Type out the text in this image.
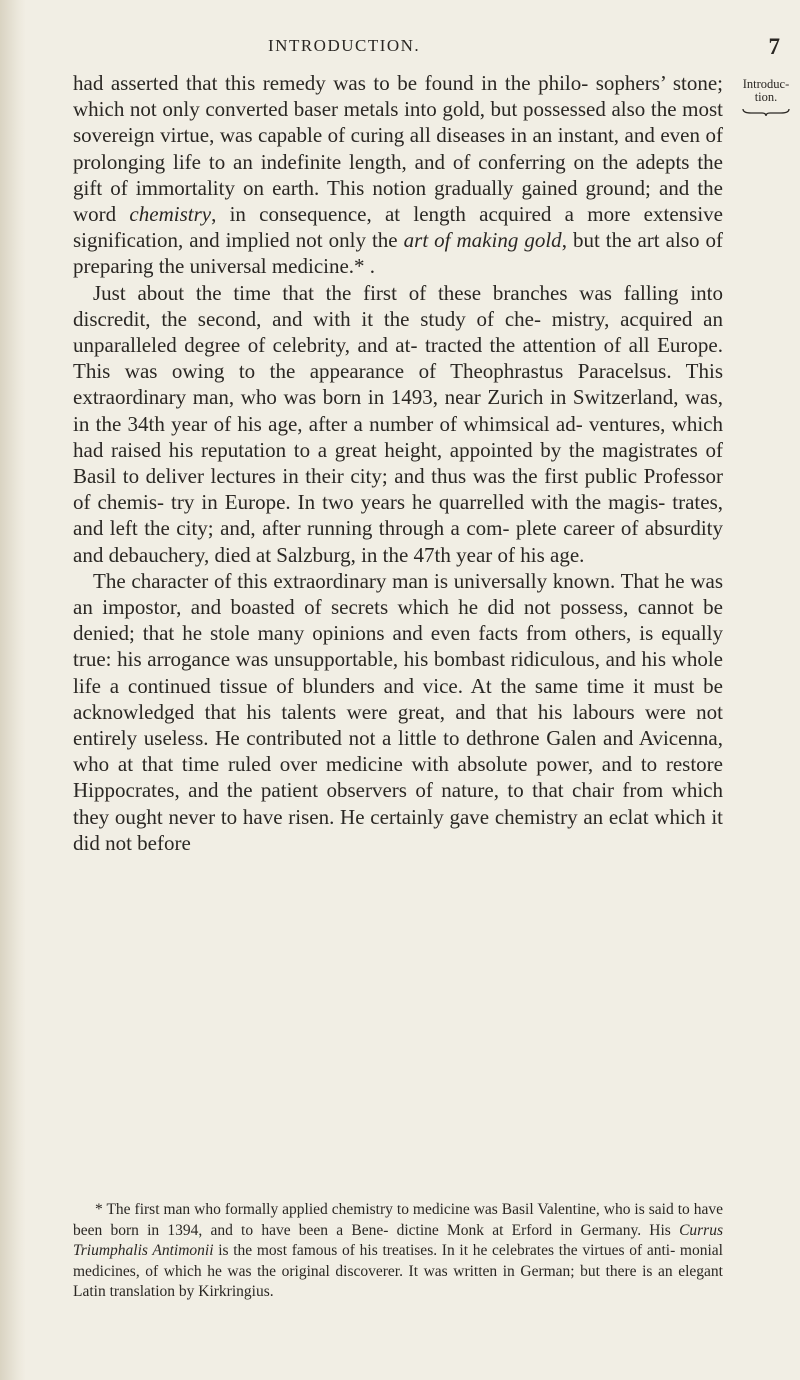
INTRODUCTION.	7
Introduc-
tion.

had asserted that this remedy was to be found in the philo- sophers’ stone; which not only converted baser metals into gold, but possessed also the most sovereign virtue, was capable of curing all diseases in an instant, and even of prolonging life to an indefinite length, and of conferring on the adepts the gift of immortality on earth. This notion gradually gained ground; and the word chemistry, in consequence, at length acquired a more extensive signification, and implied not only the art of making gold, but the art also of preparing the universal medicine.* .

Just about the time that the first of these branches was falling into discredit, the second, and with it the study of che- mistry, acquired an unparalleled degree of celebrity, and at- tracted the attention of all Europe. This was owing to the appearance of Theophrastus Paracelsus. This extraordinary man, who was born in 1493, near Zurich in Switzerland, was, in the 34th year of his age, after a number of whimsical ad- ventures, which had raised his reputation to a great height, appointed by the magistrates of Basil to deliver lectures in their city; and thus was the first public Professor of chemis- try in Europe. In two years he quarrelled with the magis- trates, and left the city; and, after running through a com- plete career of absurdity and debauchery, died at Salzburg, in the 47th year of his age.

The character of this extraordinary man is universally known. That he was an impostor, and boasted of secrets which he did not possess, cannot be denied; that he stole many opinions and even facts from others, is equally true: his arrogance was unsupportable, his bombast ridiculous, and his whole life a continued tissue of blunders and vice. At the same time it must be acknowledged that his talents were great, and that his labours were not entirely useless. He contributed not a little to dethrone Galen and Avicenna, who at that time ruled over medicine with absolute power, and to restore Hippocrates, and the patient observers of nature, to that chair from which they ought never to have risen. He certainly gave chemistry an eclat which it did not before

* The first man who formally applied chemistry to medicine was Basil Valentine, who is said to have been born in 1394, and to have been a Bene- dictine Monk at Erford in Germany. His Currus Triumphalis Antimonii is the most famous of his treatises. In it he celebrates the virtues of anti- monial medicines, of which he was the original discoverer. It was written in German; but there is an elegant Latin translation by Kirkringius.
